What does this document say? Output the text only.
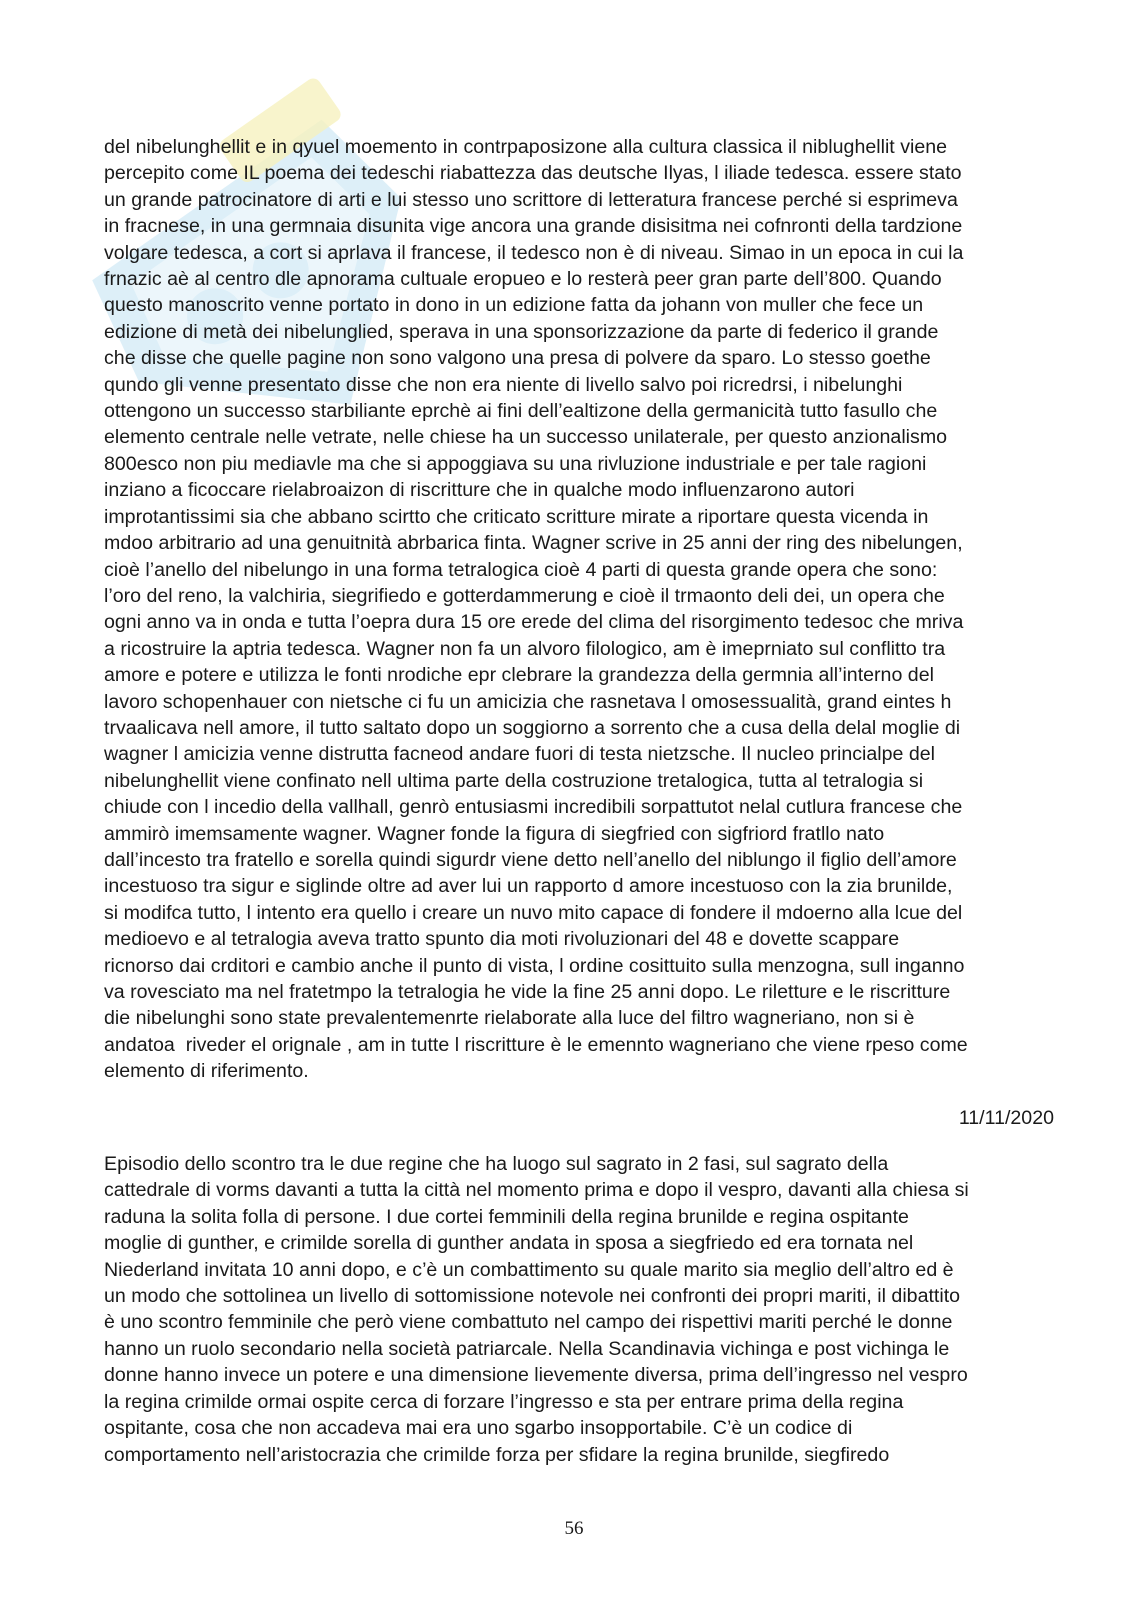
del nibelunghellit e in qyuel moemento in contrpaposizone alla cultura classica il niblughellit viene
percepito come IL poema dei tedeschi riabattezza das deutsche Ilyas, l iliade tedesca. essere stato
un grande patrocinatore di arti e lui stesso uno scrittore di letteratura francese perché si esprimeva
in fracnese, in una germnaia disunita vige ancora una grande disisitma nei cofnronti della tardzione
volgare tedesca, a cort si aprlava il francese, il tedesco non è di niveau. Simao in un epoca in cui la
frnazic aè al centro dle apnorama cultuale eropueo e lo resterà peer gran parte dell’800. Quando
questo manoscrito venne portato in dono in un edizione fatta da johann von muller che fece un
edizione di metà dei nibelunglied, sperava in una sponsorizzazione da parte di federico il grande
che disse che quelle pagine non sono valgono una presa di polvere da sparo. Lo stesso goethe
qundo gli venne presentato disse che non era niente di livello salvo poi ricredrsi, i nibelunghi
ottengono un successo starbiliante eprchè ai fini dell’ealtizone della germanicità tutto fasullo che
elemento centrale nelle vetrate, nelle chiese ha un successo unilaterale, per questo anzionalismo
800esco non piu mediavle ma che si appoggiava su una rivluzione industriale e per tale ragioni
inziano a ficoccare rielabroaizon di riscritture che in qualche modo influenzarono autori
improtantissimi sia che abbano scirtto che criticato scritture mirate a riportare questa vicenda in
mdoo arbitrario ad una genuitnità abrbarica finta. Wagner scrive in 25 anni der ring des nibelungen,
cioè l’anello del nibelungo in una forma tetralogica cioè 4 parti di questa grande opera che sono:
l’oro del reno, la valchiria, siegrifiedo e gotterdammerung e cioè il trmaonto deli dei, un opera che
ogni anno va in onda e tutta l’oepra dura 15 ore erede del clima del risorgimento tedesoc che mriva
a ricostruire la aptria tedesca. Wagner non fa un alvoro filologico, am è imeprniato sul conflitto tra
amore e potere e utilizza le fonti nrodiche epr clebrare la grandezza della germnia all’interno del
lavoro schopenhauer con nietsche ci fu un amicizia che rasnetava l omosessualità, grand eintes h
trvaalicava nell amore, il tutto saltato dopo un soggiorno a sorrento che a cusa della delal moglie di
wagner l amicizia venne distrutta facneod andare fuori di testa nietzsche. Il nucleo princialpe del
nibelunghellit viene confinato nell ultima parte della costruzione tretalogica, tutta al tetralogia si
chiude con l incedio della vallhall, genrò entusiasmi incredibili sorpattutot nelal cutlura francese che
ammirò imemsamente wagner. Wagner fonde la figura di siegfried con sigfriord fratllo nato
dall’incesto tra fratello e sorella quindi sigurdr viene detto nell’anello del niblungo il figlio dell’amore
incestuoso tra sigur e siglinde oltre ad aver lui un rapporto d amore incestuoso con la zia brunilde,
si modifca tutto, l intento era quello i creare un nuvo mito capace di fondere il mdoerno alla lcue del
medioevo e al tetralogia aveva tratto spunto dia moti rivoluzionari del 48 e dovette scappare
ricnorso dai crditori e cambio anche il punto di vista, l ordine cosittuito sulla menzogna, sull inganno
va rovesciato ma nel fratetmpo la tetralogia he vide la fine 25 anni dopo. Le riletture e le riscritture
die nibelunghi sono state prevalentemenrte rielaborate alla luce del filtro wagneriano, non si è
andatoa  riveder el orignale , am in tutte l riscritture è le emennto wagneriano che viene rpeso come
elemento di riferimento.

11/11/2020

Episodio dello scontro tra le due regine che ha luogo sul sagrato in 2 fasi, sul sagrato della
cattedrale di vorms davanti a tutta la città nel momento prima e dopo il vespro, davanti alla chiesa si
raduna la solita folla di persone. I due cortei femminili della regina brunilde e regina ospitante
moglie di gunther, e crimilde sorella di gunther andata in sposa a siegfriedo ed era tornata nel
Niederland invitata 10 anni dopo, e c’è un combattimento su quale marito sia meglio dell’altro ed è
un modo che sottolinea un livello di sottomissione notevole nei confronti dei propri mariti, il dibattito
è uno scontro femminile che però viene combattuto nel campo dei rispettivi mariti perché le donne
hanno un ruolo secondario nella società patriarcale. Nella Scandinavia vichinga e post vichinga le
donne hanno invece un potere e una dimensione lievemente diversa, prima dell’ingresso nel vespro
la regina crimilde ormai ospite cerca di forzare l’ingresso e sta per entrare prima della regina
ospitante, cosa che non accadeva mai era uno sgarbo insopportabile. C’è un codice di
comportamento nell’aristocrazia che crimilde forza per sfidare la regina brunilde, siegfiredo

56
